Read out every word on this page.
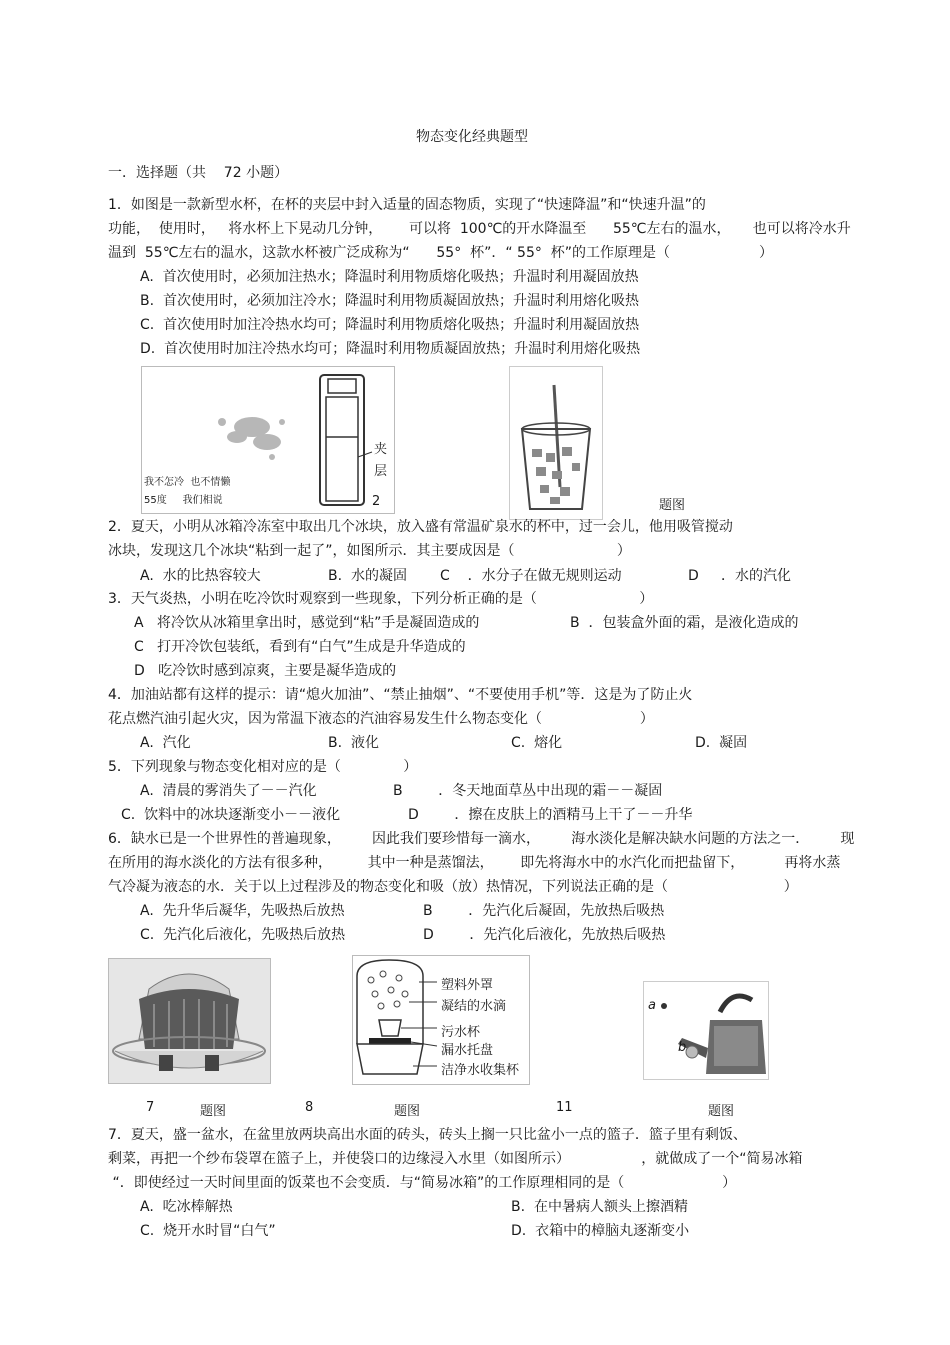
物态变化经典题型
一．选择题（共    72 小题）
1．如图是一款新型水杯，在杯的夹层中封入适量的固态物质，实现了“快速降温”和“快速升温”的
功能，  使用时，   将水杯上下晃动几分钟，      可以将  100℃的开水降温至      55℃左右的温水，     也可以将冷水升
温到  55℃左右的温水，这款水杯被广泛成称为“      55°  杯”．“ 55°  杯”的工作原理是（                    ）
A.  首次使用时，必须加注热水；降温时利用物质熔化吸热；升温时利用凝固放热
B.  首次使用时，必须加注冷水；降温时利用物质凝固放热；升温时利用熔化吸热
C.  首次使用时加注冷热水均可；降温时利用物质熔化吸热；升温时利用凝固放热
D.  首次使用时加注冷热水均可；降温时利用物质凝固放热；升温时利用熔化吸热
我不怎冷  也不情懒
55度     我们相说
夹
层
2	题图
2．夏天，小明从冰箱冷冻室中取出几个冰块，放入盛有常温矿泉水的杯中，过一会儿，他用吸管搅动
冰块，发现这几个冰块“粘到一起了”，如图所示．其主要成因是（                       ）
A.  水的比热容较大	B.  水的凝固 C    ．水分子在做无规则运动	D     ．水的汽化
3．天气炎热，小明在吃冷饮时观察到一些现象，下列分析正确的是（                       ）
A   将冷饮从冰箱里拿出时，感觉到“粘”手是凝固造成的	B  ．包装盒外面的霜，是液化造成的
C   打开冷饮包装纸，看到有“白气”生成是升华造成的
D   吃冷饮时感到凉爽，主要是凝华造成的
4．加油站都有这样的提示：请“熄火加油”、“禁止抽烟”、“不要使用手机”等．这是为了防止火
花点燃汽油引起火灾，因为常温下液态的汽油容易发生什么物态变化（                      ）
A.  汽化	B.  液化	C.  熔化	D.  凝固
5．下列现象与物态变化相对应的是（              ）
A.  清晨的雾消失了－－汽化	B        ．冬天地面草丛中出现的霜－－凝固
C.  饮料中的冰块逐渐变小－－液化	D        ．擦在皮肤上的酒精马上干了－－升华
6．缺水已是一个世界性的普遍现象，       因此我们要珍惜每一滴水，       海水淡化是解决缺水问题的方法之一．       现
在所用的海水淡化的方法有很多种，        其中一种是蒸馏法，      即先将海水中的水汽化而把盐留下，         再将水蒸
气冷凝为液态的水．关于以上过程涉及的物态变化和吸（放）热情况，下列说法正确的是（                          ）
A.  先升华后凝华，先吸热后放热	B        ．先汽化后凝固，先放热后吸热
C.  先汽化后液化，先吸热后放热	D        ．先汽化后液化，先放热后吸热
塑料外罩
凝结的水滴
污水杯
漏水托盘
洁净水收集杯
a
b
7	题图	8	题图	11	题图
7．夏天，盛一盆水，在盆里放两块高出水面的砖头，砖头上搁一只比盆小一点的篮子．篮子里有剩饭、
剩菜，再把一个纱布袋罩在篮子上，并使袋口的边缘浸入水里（如图所示）                ，就做成了一个“简易冰箱
“．即使经过一天时间里面的饭菜也不会变质．与“简易冰箱”的工作原理相同的是（                      ）
A.  吃冰棒解热	B.  在中暑病人额头上擦酒精
C.  烧开水时冒“白气”	D.  衣箱中的樟脑丸逐渐变小
